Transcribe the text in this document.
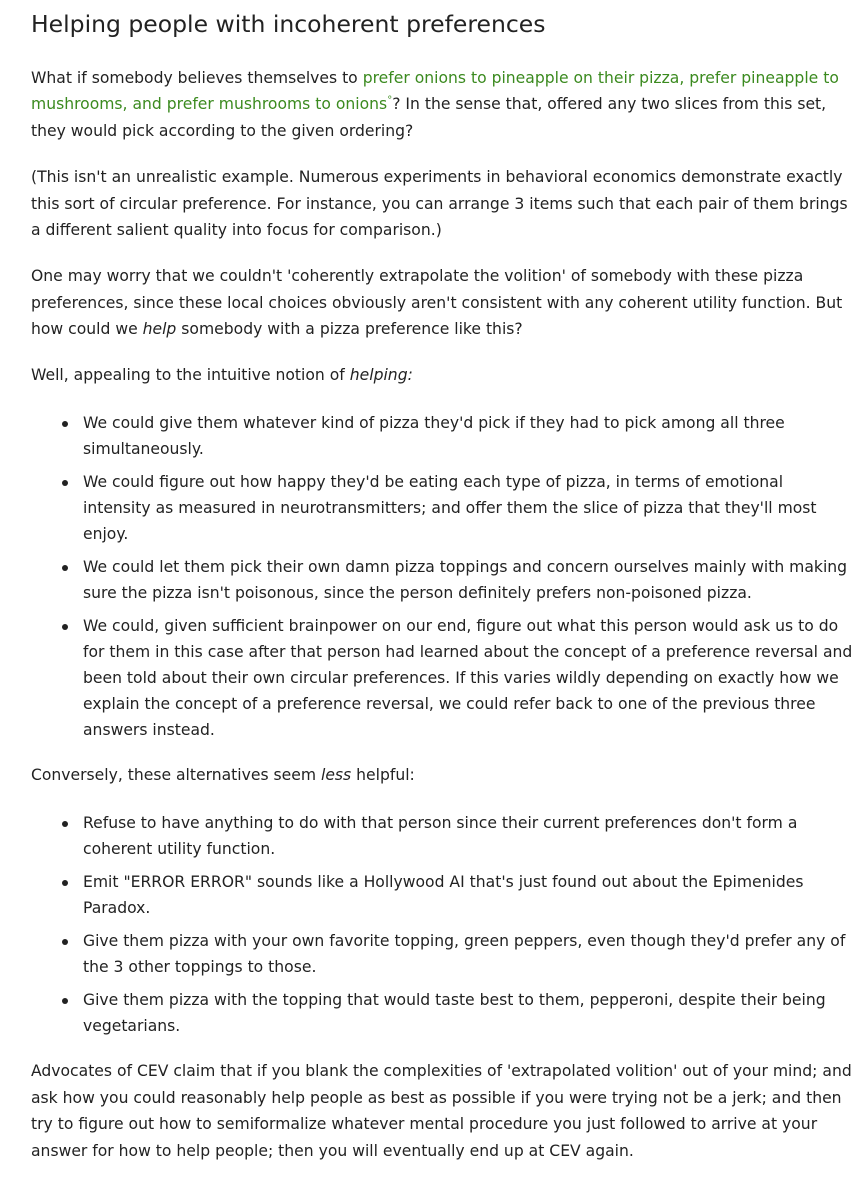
Helping people with incoherent preferences

What if somebody believes themselves to prefer onions to pineapple on their pizza, prefer pineapple to mushrooms, and prefer mushrooms to onions°? In the sense that, offered any two slices from this set, they would pick according to the given ordering?

(This isn't an unrealistic example. Numerous experiments in behavioral economics demonstrate exactly this sort of circular preference. For instance, you can arrange 3 items such that each pair of them brings a different salient quality into focus for comparison.)

One may worry that we couldn't 'coherently extrapolate the volition' of somebody with these pizza preferences, since these local choices obviously aren't consistent with any coherent utility function. But how could we help somebody with a pizza preference like this?

Well, appealing to the intuitive notion of helping:

We could give them whatever kind of pizza they'd pick if they had to pick among all three simultaneously.
We could figure out how happy they'd be eating each type of pizza, in terms of emotional intensity as measured in neurotransmitters; and offer them the slice of pizza that they'll most enjoy.
We could let them pick their own damn pizza toppings and concern ourselves mainly with making sure the pizza isn't poisonous, since the person definitely prefers non-poisoned pizza.
We could, given sufficient brainpower on our end, figure out what this person would ask us to do for them in this case after that person had learned about the concept of a preference reversal and been told about their own circular preferences. If this varies wildly depending on exactly how we explain the concept of a preference reversal, we could refer back to one of the previous three answers instead.

Conversely, these alternatives seem less helpful:

Refuse to have anything to do with that person since their current preferences don't form a coherent utility function.
Emit "ERROR ERROR" sounds like a Hollywood AI that's just found out about the Epimenides Paradox.
Give them pizza with your own favorite topping, green peppers, even though they'd prefer any of the 3 other toppings to those.
Give them pizza with the topping that would taste best to them, pepperoni, despite their being vegetarians.

Advocates of CEV claim that if you blank the complexities of 'extrapolated volition' out of your mind; and ask how you could reasonably help people as best as possible if you were trying not be a jerk; and then try to figure out how to semiformalize whatever mental procedure you just followed to arrive at your answer for how to help people; then you will eventually end up at CEV again.
